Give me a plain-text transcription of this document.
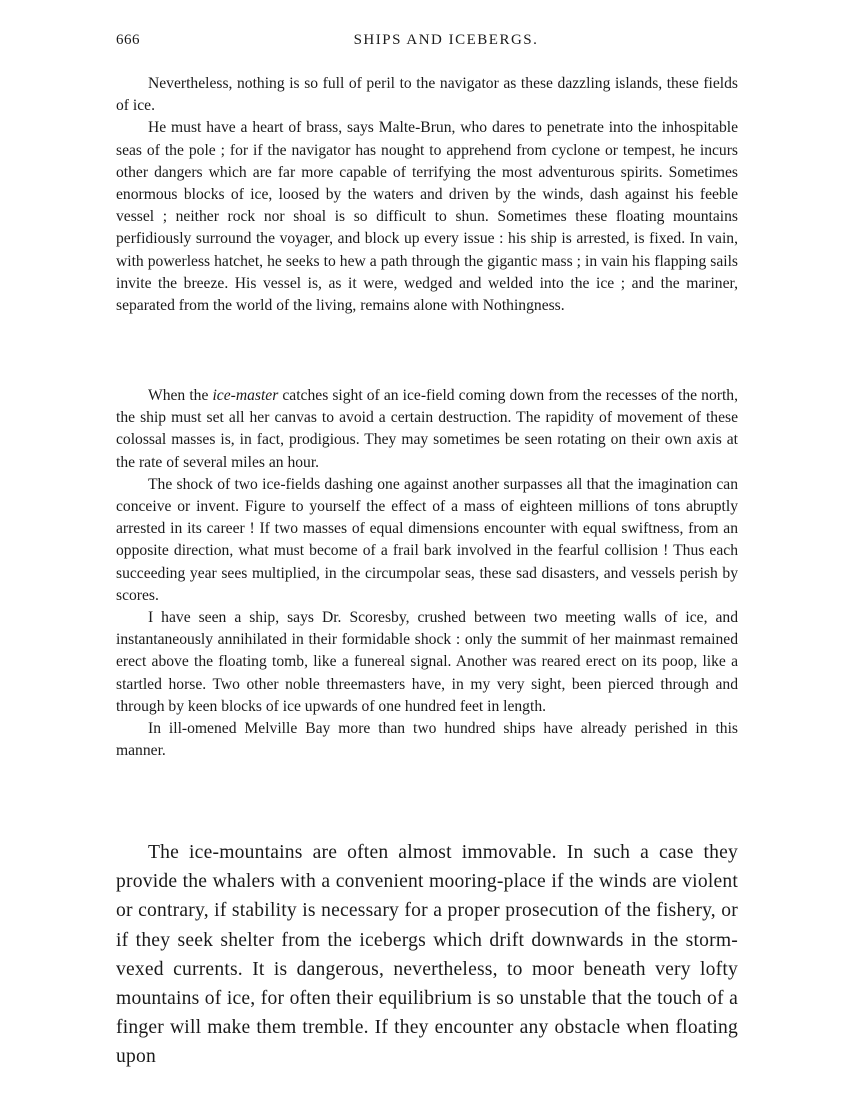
666	SHIPS AND ICEBERGS.

Nevertheless, nothing is so full of peril to the navigator as these dazzling islands, these fields of ice.

He must have a heart of brass, says Malte-Brun, who dares to penetrate into the inhospitable seas of the pole ; for if the navigator has nought to apprehend from cyclone or tempest, he incurs other dangers which are far more capable of terrifying the most adventurous spirits. Sometimes enormous blocks of ice, loosed by the waters and driven by the winds, dash against his feeble vessel ; neither rock nor shoal is so difficult to shun. Sometimes these floating mountains perfidiously surround the voyager, and block up every issue : his ship is arrested, is fixed. In vain, with powerless hatchet, he seeks to hew a path through the gigantic mass ; in vain his flapping sails invite the breeze. His vessel is, as it were, wedged and welded into the ice ; and the mariner, separated from the world of the living, remains alone with Nothingness.

When the ice-master catches sight of an ice-field coming down from the recesses of the north, the ship must set all her canvas to avoid a certain destruction. The rapidity of movement of these colossal masses is, in fact, prodigious. They may sometimes be seen rotating on their own axis at the rate of several miles an hour.

The shock of two ice-fields dashing one against another surpasses all that the imagination can conceive or invent. Figure to yourself the effect of a mass of eighteen millions of tons abruptly arrested in its career ! If two masses of equal dimensions encounter with equal swiftness, from an opposite direction, what must become of a frail bark involved in the fearful collision ! Thus each succeeding year sees multiplied, in the circumpolar seas, these sad disasters, and vessels perish by scores.

I have seen a ship, says Dr. Scoresby, crushed between two meeting walls of ice, and instantaneously annihilated in their formidable shock : only the summit of her mainmast remained erect above the floating tomb, like a funereal signal. Another was reared erect on its poop, like a startled horse. Two other noble threemasters have, in my very sight, been pierced through and through by keen blocks of ice upwards of one hundred feet in length.

In ill-omened Melville Bay more than two hundred ships have already perished in this manner.

The ice-mountains are often almost immovable. In such a case they provide the whalers with a convenient mooring-place if the winds are violent or contrary, if stability is necessary for a proper prosecution of the fishery, or if they seek shelter from the icebergs which drift downwards in the storm-vexed currents. It is dangerous, nevertheless, to moor beneath very lofty mountains of ice, for often their equilibrium is so unstable that the touch of a finger will make them tremble. If they encounter any obstacle when floating upon
